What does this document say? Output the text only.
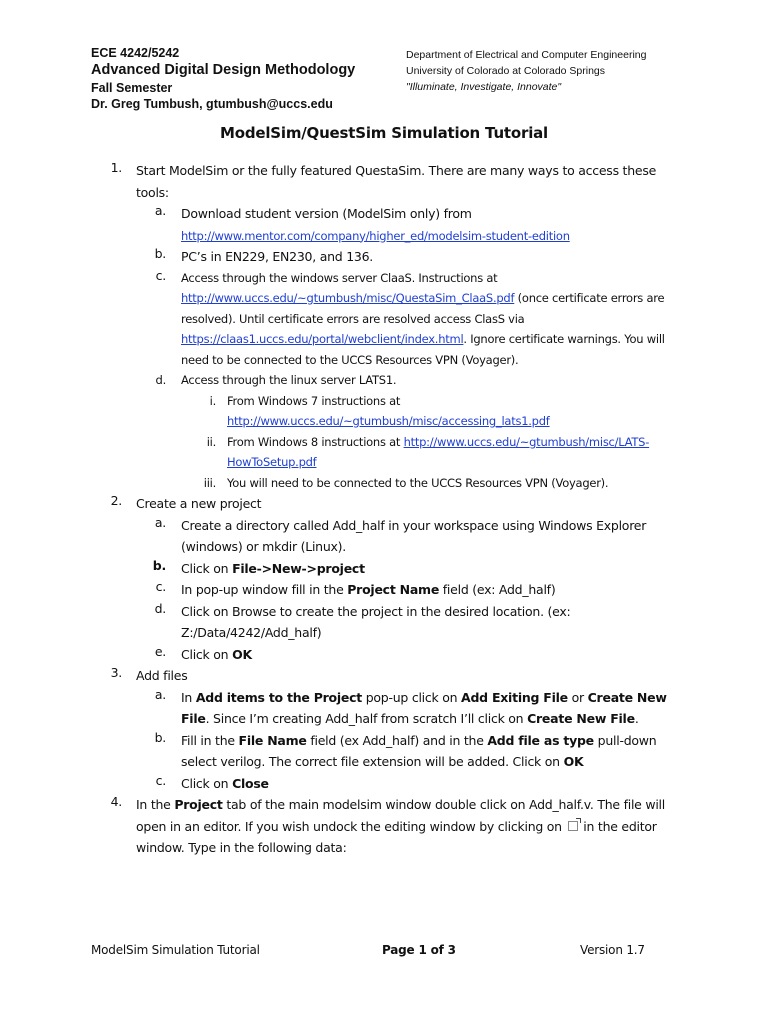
ECE 4242/5242
Advanced Digital Design Methodology
Fall Semester
Dr. Greg Tumbush, gtumbush@uccs.edu
Department of Electrical and Computer Engineering
University of Colorado at Colorado Springs
"Illuminate, Investigate, Innovate"
ModelSim/QuestSim Simulation Tutorial
1. Start ModelSim or the fully featured QuestaSim. There are many ways to access these tools:
a. Download student version (ModelSim only) from
http://www.mentor.com/company/higher_ed/modelsim-student-edition
b. PC’s in EN229, EN230, and 136.
c. Access through the windows server ClaaS. Instructions at
http://www.uccs.edu/~gtumbush/misc/QuestaSim_ClaaS.pdf (once certificate errors are resolved). Until certificate errors are resolved access ClasS via https://claas1.uccs.edu/portal/webclient/index.html. Ignore certificate warnings. You will need to be connected to the UCCS Resources VPN (Voyager).
d. Access through the linux server LATS1.
i. From Windows 7 instructions at
http://www.uccs.edu/~gtumbush/misc/accessing_lats1.pdf
ii. From Windows 8 instructions at http://www.uccs.edu/~gtumbush/misc/LATS-HowToSetup.pdf
iii. You will need to be connected to the UCCS Resources VPN (Voyager).
2. Create a new project
a. Create a directory called Add_half in your workspace using Windows Explorer (windows) or mkdir (Linux).
b. Click on File->New->project
c. In pop-up window fill in the Project Name field (ex: Add_half)
d. Click on Browse to create the project in the desired location. (ex: Z:/Data/4242/Add_half)
e. Click on OK
3. Add files
a. In Add items to the Project pop-up click on Add Exiting File or Create New File. Since I’m creating Add_half from scratch I’ll click on Create New File.
b. Fill in the File Name field (ex Add_half) and in the Add file as type pull-down select verilog. The correct file extension will be added. Click on OK
c. Click on Close
4. In the Project tab of the main modelsim window double click on Add_half.v. The file will open in an editor. If you wish undock the editing window by clicking on  in the editor window. Type in the following data:
ModelSim Simulation Tutorial	Page 1 of 3	Version 1.7
